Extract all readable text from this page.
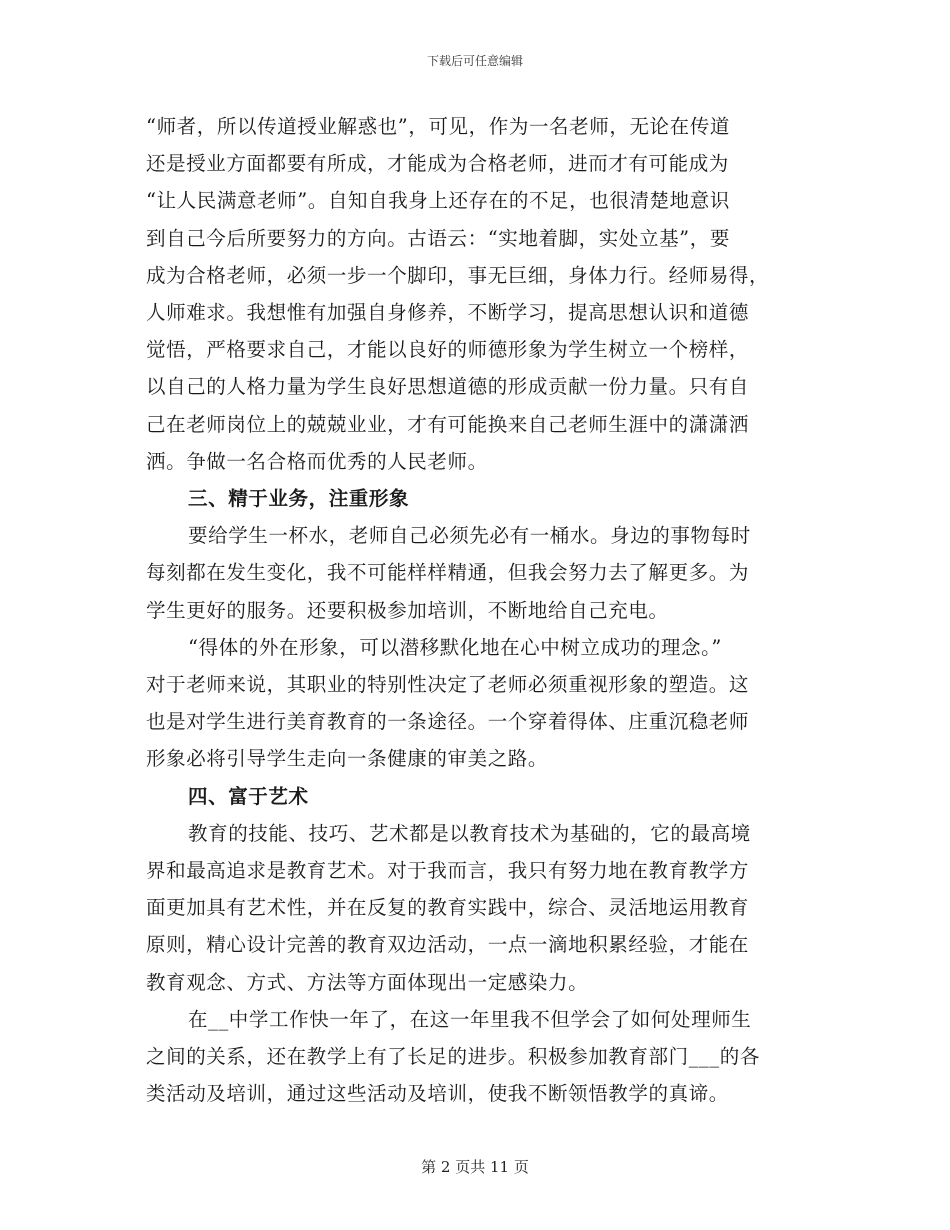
下载后可任意编辑
“师者，所以传道授业解惑也”，可见，作为一名老师，无论在传道
还是授业方面都要有所成，才能成为合格老师，进而才有可能成为
“让人民满意老师”。自知自我身上还存在的不足，也很清楚地意识
到自己今后所要努力的方向。古语云：“实地着脚，实处立基”，要
成为合格老师，必须一步一个脚印，事无巨细，身体力行。经师易得，
人师难求。我想惟有加强自身修养，不断学习，提高思想认识和道德
觉悟，严格要求自己，才能以良好的师德形象为学生树立一个榜样，
以自己的人格力量为学生良好思想道德的形成贡献一份力量。只有自
己在老师岗位上的兢兢业业，才有可能换来自己老师生涯中的潇潇洒
洒。争做一名合格而优秀的人民老师。
三、精于业务，注重形象
要给学生一杯水，老师自己必须先必有一桶水。身边的事物每时
每刻都在发生变化，我不可能样样精通，但我会努力去了解更多。为
学生更好的服务。还要积极参加培训，不断地给自己充电。
“得体的外在形象，可以潜移默化地在心中树立成功的理念。”
对于老师来说，其职业的特别性决定了老师必须重视形象的塑造。这
也是对学生进行美育教育的一条途径。一个穿着得体、庄重沉稳老师
形象必将引导学生走向一条健康的审美之路。
四、富于艺术
教育的技能、技巧、艺术都是以教育技术为基础的，它的最高境
界和最高追求是教育艺术。对于我而言，我只有努力地在教育教学方
面更加具有艺术性，并在反复的教育实践中，综合、灵活地运用教育
原则，精心设计完善的教育双边活动，一点一滴地积累经验，才能在
教育观念、方式、方法等方面体现出一定感染力。
在__中学工作快一年了，在这一年里我不但学会了如何处理师生
之间的关系，还在教学上有了长足的进步。积极参加教育部门___的各
类活动及培训，通过这些活动及培训，使我不断领悟教学的真谛。
第 2 页共 11 页
